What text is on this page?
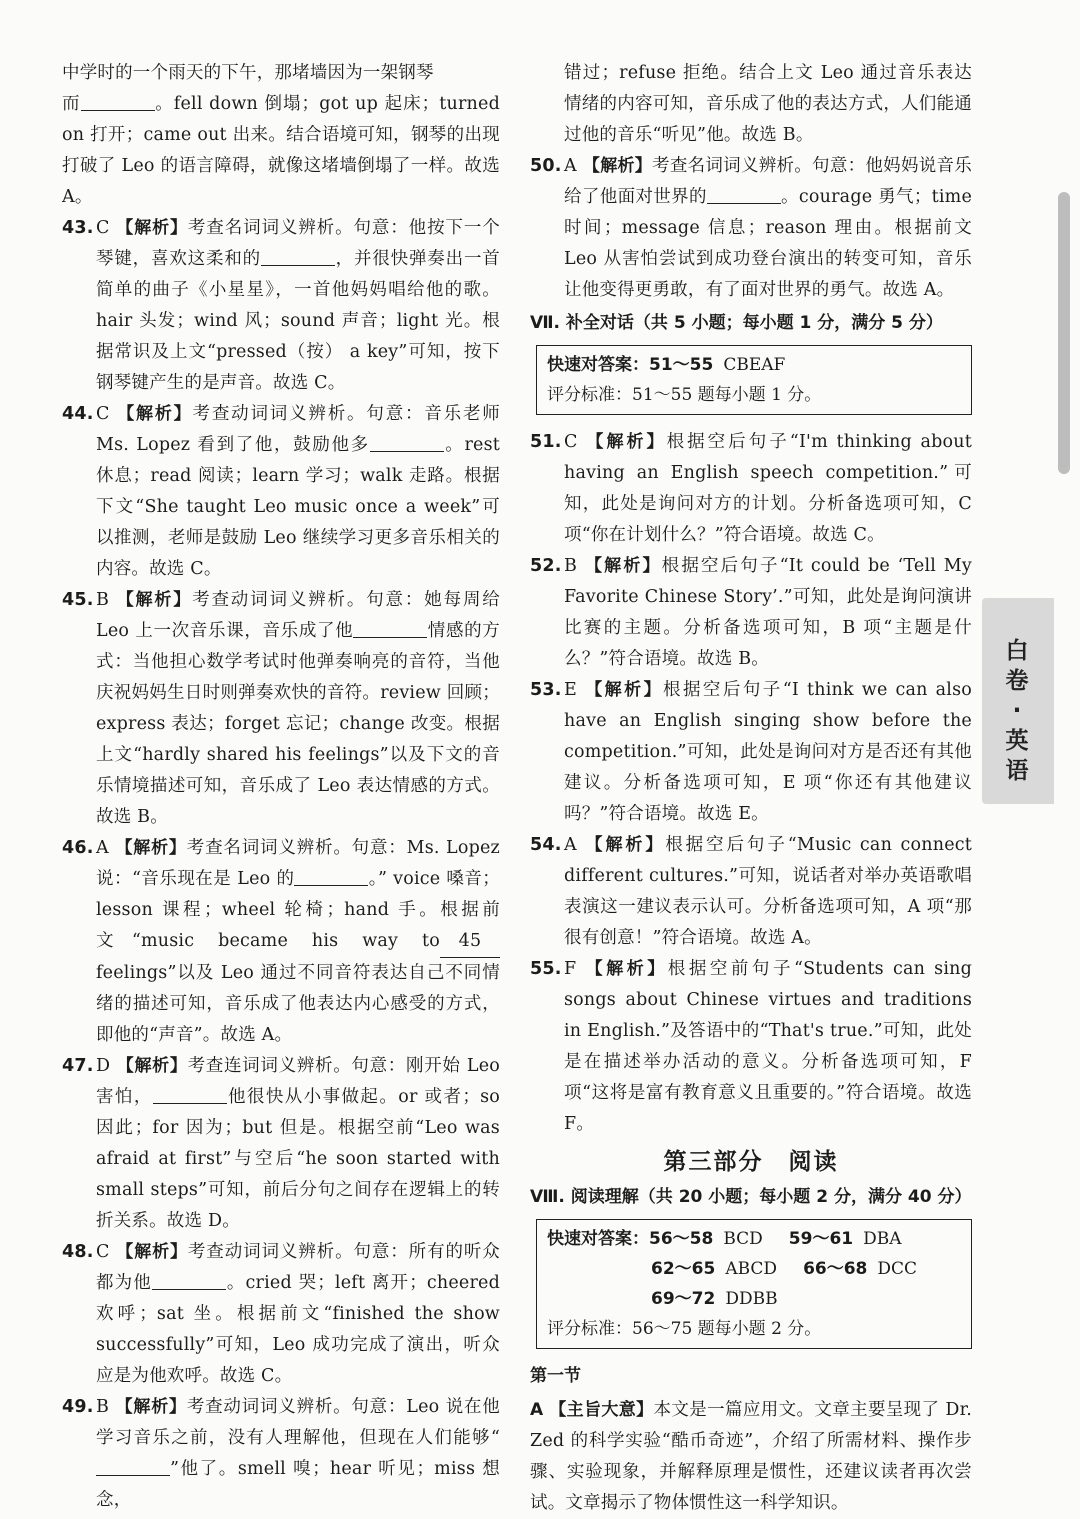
中学时的一个雨天的下午，那堵墙因为一架钢琴
而	。fell down 倒塌；got up 起床；turned on 打开；came out 出来。结合语境可知，钢琴的出现打破了 Leo 的语言障碍，就像这堵墙倒塌了一样。故选 A。

43. C 【解析】考查名词词义辨析。句意：他按下一个琴键，喜欢这柔和的	，并很快弹奏出一首简单的曲子《小星星》，一首他妈妈唱给他的歌。hair 头发；wind 风；sound 声音；light 光。根据常识及上文“pressed（按） a key”可知，按下钢琴键产生的是声音。故选 C。

44. C 【解析】考查动词词义辨析。句意：音乐老师 Ms. Lopez 看到了他，鼓励他多	。rest 休息；read 阅读；learn 学习；walk 走路。根据下文“She taught Leo music once a week”可以推测，老师是鼓励 Leo 继续学习更多音乐相关的内容。故选 C。

45. B 【解析】考查动词词义辨析。句意：她每周给 Leo 上一次音乐课，音乐成了他	情感的方式：当他担心数学考试时他弹奏响亮的音符，当他庆祝妈妈生日时则弹奏欢快的音符。review 回顾；express 表达；forget 忘记；change 改变。根据上文“hardly shared his feelings”以及下文的音乐情境描述可知，音乐成了 Leo 表达情感的方式。故选 B。

46. A 【解析】考查名词词义辨析。句意：Ms. Lopez 说：“音乐现在是 Leo 的	。” voice 嗓音；lesson 课程；wheel 轮椅；hand 手。根据前文“music became his way to 45feelings”以及 Leo 通过不同音符表达自己不同情绪的描述可知，音乐成了他表达内心感受的方式，即他的“声音”。故选 A。

47. D 【解析】考查连词词义辨析。句意：刚开始 Leo 害怕，	他很快从小事做起。or 或者；so 因此；for 因为；but 但是。根据空前“Leo was afraid at first”与空后“he soon started with small steps”可知，前后分句之间存在逻辑上的转折关系。故选 D。

48. C 【解析】考查动词词义辨析。句意：所有的听众都为他	。cried 哭；left 离开；cheered 欢呼；sat 坐。根据前文“finished the show successfully”可知，Leo 成功完成了演出，听众应是为他欢呼。故选 C。

49. B 【解析】考查动词词义辨析。句意：Leo 说在他学习音乐之前，没有人理解他，但现在人们能够“”他了。smell 嗅；hear 听见；miss 想念，

错过；refuse 拒绝。结合上文 Leo 通过音乐表达情绪的内容可知，音乐成了他的表达方式，人们能通过他的音乐“听见”他。故选 B。

50. A 【解析】考查名词词义辨析。句意：他妈妈说音乐给了他面对世界的	。courage 勇气；time 时间；message 信息；reason 理由。根据前文 Leo 从害怕尝试到成功登台演出的转变可知，音乐让他变得更勇敢，有了面对世界的勇气。故选 A。

Ⅶ. 补全对话（共 5 小题；每小题 1 分，满分 5 分）
快速对答案：51～55 CBEAF
评分标准：51～55 题每小题 1 分。

51. C 【解析】根据空后句子“I'm thinking about having an English speech competition.”可知，此处是询问对方的计划。分析备选项可知，C 项“你在计划什么？”符合语境。故选 C。

52. B 【解析】根据空后句子“It could be ‘Tell My Favorite Chinese Story’.”可知，此处是询问演讲比赛的主题。分析备选项可知，B 项“主题是什么？”符合语境。故选 B。

53. E 【解析】根据空后句子“I think we can also have an English singing show before the competition.”可知，此处是询问对方是否还有其他建议。分析备选项可知，E 项“你还有其他建议吗？”符合语境。故选 E。

54. A 【解析】根据空后句子“Music can connect different cultures.”可知，说话者对举办英语歌唱表演这一建议表示认可。分析备选项可知，A 项“那很有创意！”符合语境。故选 A。

55. F 【解析】根据空前句子“Students can sing songs about Chinese virtues and traditions in English.”及答语中的“That's true.”可知，此处是在描述举办活动的意义。分析备选项可知，F 项“这将是富有教育意义且重要的。”符合语境。故选 F。

第三部分　阅读
Ⅷ. 阅读理解（共 20 小题；每小题 2 分，满分 40 分）
快速对答案：56～58 BCD 59～61 DBA
62～65 ABCD 66～68 DCC
69～72 DDBB
评分标准：56～75 题每小题 2 分。
第一节

A 【主旨大意】本文是一篇应用文。文章主要呈现了 Dr. Zed 的科学实验“酷币奇迹”，介绍了所需材料、操作步骤、实验现象，并解释原理是惯性，还建议读者再次尝试。文章揭示了物体惯性这一科学知识。

白卷·英语
